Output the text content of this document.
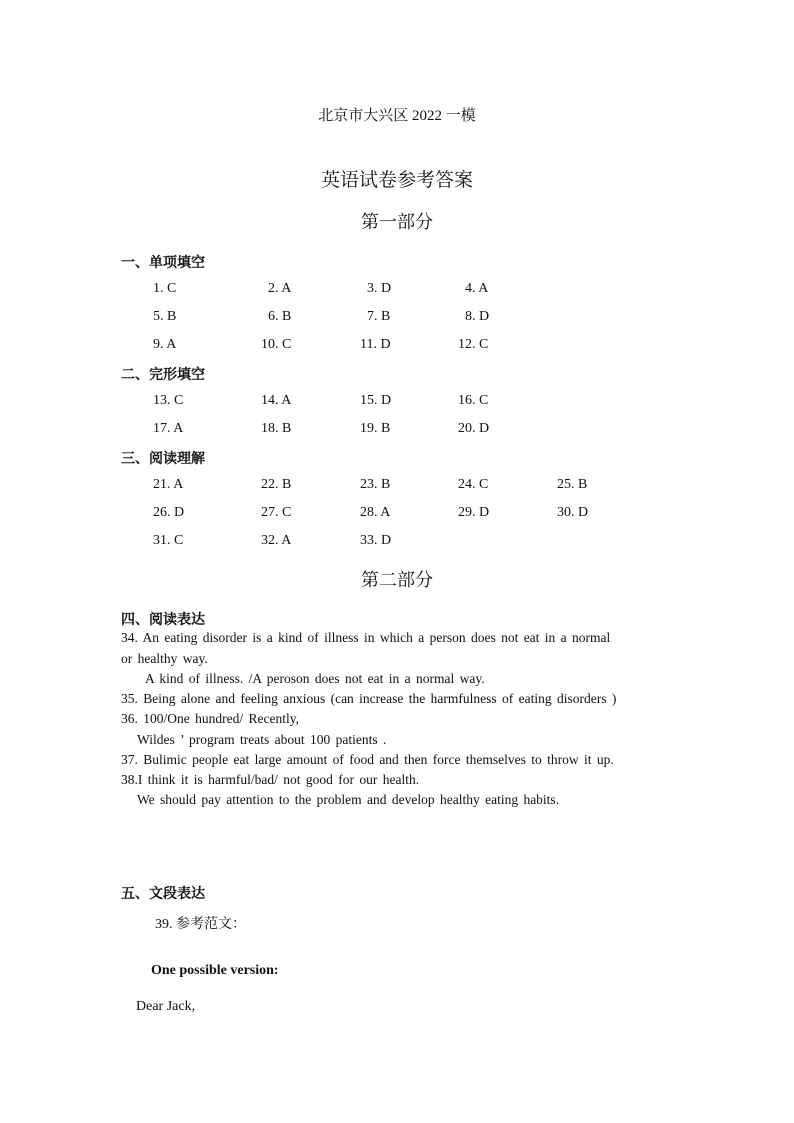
北京市大兴区 2022 一模
英语试卷参考答案
第一部分
一、单项填空
1. C	2. A	3. D	4. A
5. B	6. B	7. B	8. D
9. A	10. C	11. D	12. C
二、完形填空
13. C	14. A	15. D	16. C
17. A	18. B	19. B	20. D
三、阅读理解
21. A	22. B	23. B	24. C	25. B
26. D	27. C	28. A	29. D	30. D
31. C	32. A	33. D
第二部分
四、阅读表达
34. An eating disorder is a kind of illness in which a person does not eat in a normal
or healthy way.
A kind of illness. /A peroson does not eat in a normal way.
35. Being alone and feeling anxious (can increase the harmfulness of eating disorders )
36. 100/One hundred/ Recently,
Wildes ’ program treats about 100 patients .
37. Bulimic people eat large amount of food and then force themselves to throw it up.
38.I think it is harmful/bad/ not good for our health.
We should pay attention to the problem and develop healthy eating habits.
五、文段表达
39. 参考范文：
One possible version:
Dear Jack,
